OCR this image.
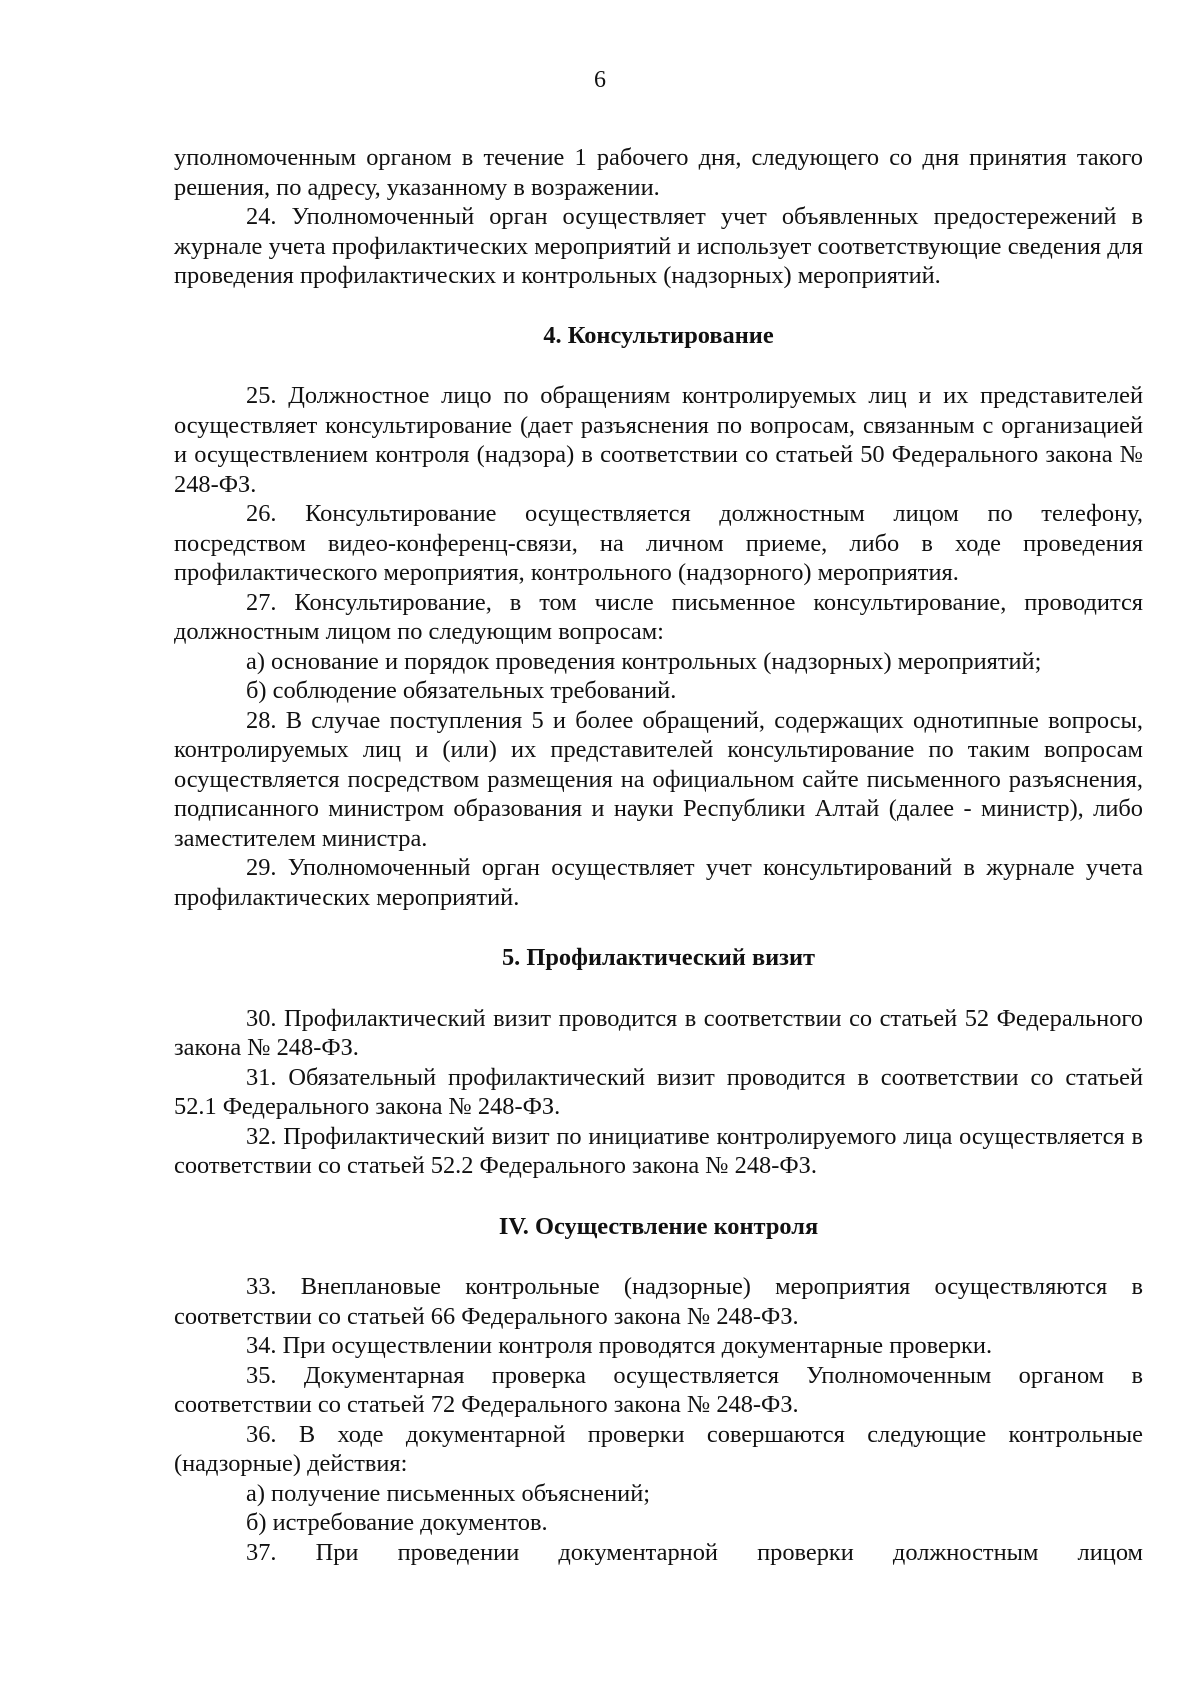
6

уполномоченным органом в течение 1 рабочего дня, следующего со дня принятия такого решения, по адресу, указанному в возражении.

24. Уполномоченный орган осуществляет учет объявленных предостережений в журнале учета профилактических мероприятий и использует соответствующие сведения для проведения профилактических и контрольных (надзорных) мероприятий.

4. Консультирование

25. Должностное лицо по обращениям контролируемых лиц и их представителей осуществляет консультирование (дает разъяснения по вопросам, связанным с организацией и осуществлением контроля (надзора) в соответствии со статьей 50 Федерального закона № 248-ФЗ.

26. Консультирование осуществляется должностным лицом по телефону, посредством видео-конференц-связи, на личном приеме, либо в ходе проведения профилактического мероприятия, контрольного (надзорного) мероприятия.

27. Консультирование, в том числе письменное консультирование, проводится должностным лицом по следующим вопросам:

а) основание и порядок проведения контрольных (надзорных) мероприятий;

б) соблюдение обязательных требований.

28. В случае поступления 5 и более обращений, содержащих однотипные вопросы, контролируемых лиц и (или) их представителей консультирование по таким вопросам осуществляется посредством размещения на официальном сайте письменного разъяснения, подписанного министром образования и науки Республики Алтай (далее - министр), либо заместителем министра.

29. Уполномоченный орган осуществляет учет консультирований в журнале учета профилактических мероприятий.

5. Профилактический визит

30. Профилактический визит проводится в соответствии со статьей 52 Федерального закона № 248-ФЗ.

31. Обязательный профилактический визит проводится в соответствии со статьей 52.1 Федерального закона № 248-ФЗ.

32. Профилактический визит по инициативе контролируемого лица осуществляется в соответствии со статьей 52.2 Федерального закона № 248-ФЗ.

IV. Осуществление контроля

33. Внеплановые контрольные (надзорные) мероприятия осуществляются в соответствии со статьей 66 Федерального закона № 248-ФЗ.

34. При осуществлении контроля проводятся документарные проверки.

35. Документарная проверка осуществляется Уполномоченным органом в соответствии со статьей 72 Федерального закона № 248-ФЗ.

36. В ходе документарной проверки совершаются следующие контрольные (надзорные) действия:

а) получение письменных объяснений;

б) истребование документов.

37. При проведении документарной проверки должностным лицом
